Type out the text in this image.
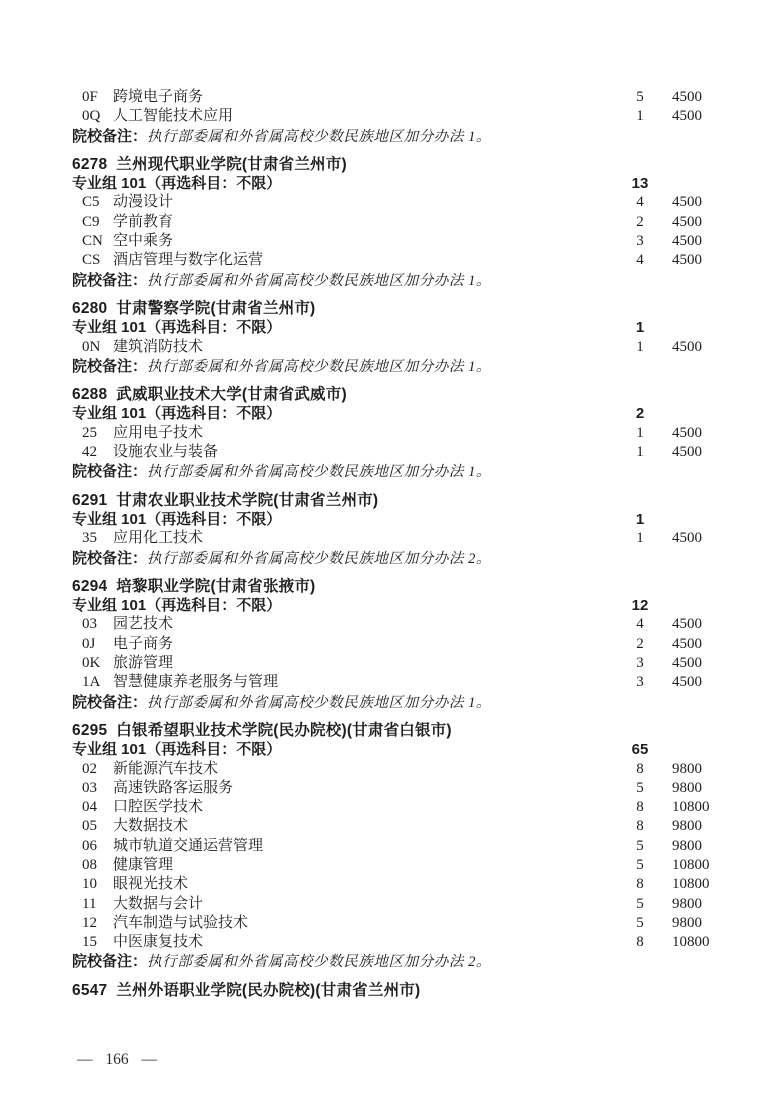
0F 跨境电子商务	5	4500
0Q 人工智能技术应用	1	4500
院校备注：执行部委属和外省属高校少数民族地区加分办法 1。
6278 兰州现代职业学院(甘肃省兰州市)
专业组 101（再选科目：不限）	13
C5 动漫设计	4	4500
C9 学前教育	2	4500
CN 空中乘务	3	4500
CS 酒店管理与数字化运营	4	4500
院校备注：执行部委属和外省属高校少数民族地区加分办法 1。
6280 甘肃警察学院(甘肃省兰州市)
专业组 101（再选科目：不限）	1
0N 建筑消防技术	1	4500
院校备注：执行部委属和外省属高校少数民族地区加分办法 1。
6288 武威职业技术大学(甘肃省武威市)
专业组 101（再选科目：不限）	2
25 应用电子技术	1	4500
42 设施农业与装备	1	4500
院校备注：执行部委属和外省属高校少数民族地区加分办法 1。
6291 甘肃农业职业技术学院(甘肃省兰州市)
专业组 101（再选科目：不限）	1
35 应用化工技术	1	4500
院校备注：执行部委属和外省属高校少数民族地区加分办法 2。
6294 培黎职业学院(甘肃省张掖市)
专业组 101（再选科目：不限）	12
03 园艺技术	4	4500
0J 电子商务	2	4500
0K 旅游管理	3	4500
1A 智慧健康养老服务与管理	3	4500
院校备注：执行部委属和外省属高校少数民族地区加分办法 1。
6295 白银希望职业技术学院(民办院校)(甘肃省白银市)
专业组 101（再选科目：不限）	65
02 新能源汽车技术	8	9800
03 高速铁路客运服务	5	9800
04 口腔医学技术	8	10800
05 大数据技术	8	9800
06 城市轨道交通运营管理	5	9800
08 健康管理	5	10800
10 眼视光技术	8	10800
11 大数据与会计	5	9800
12 汽车制造与试验技术	5	9800
15 中医康复技术	8	10800
院校备注：执行部委属和外省属高校少数民族地区加分办法 2。
6547 兰州外语职业学院(民办院校)(甘肃省兰州市)
— 166 —
